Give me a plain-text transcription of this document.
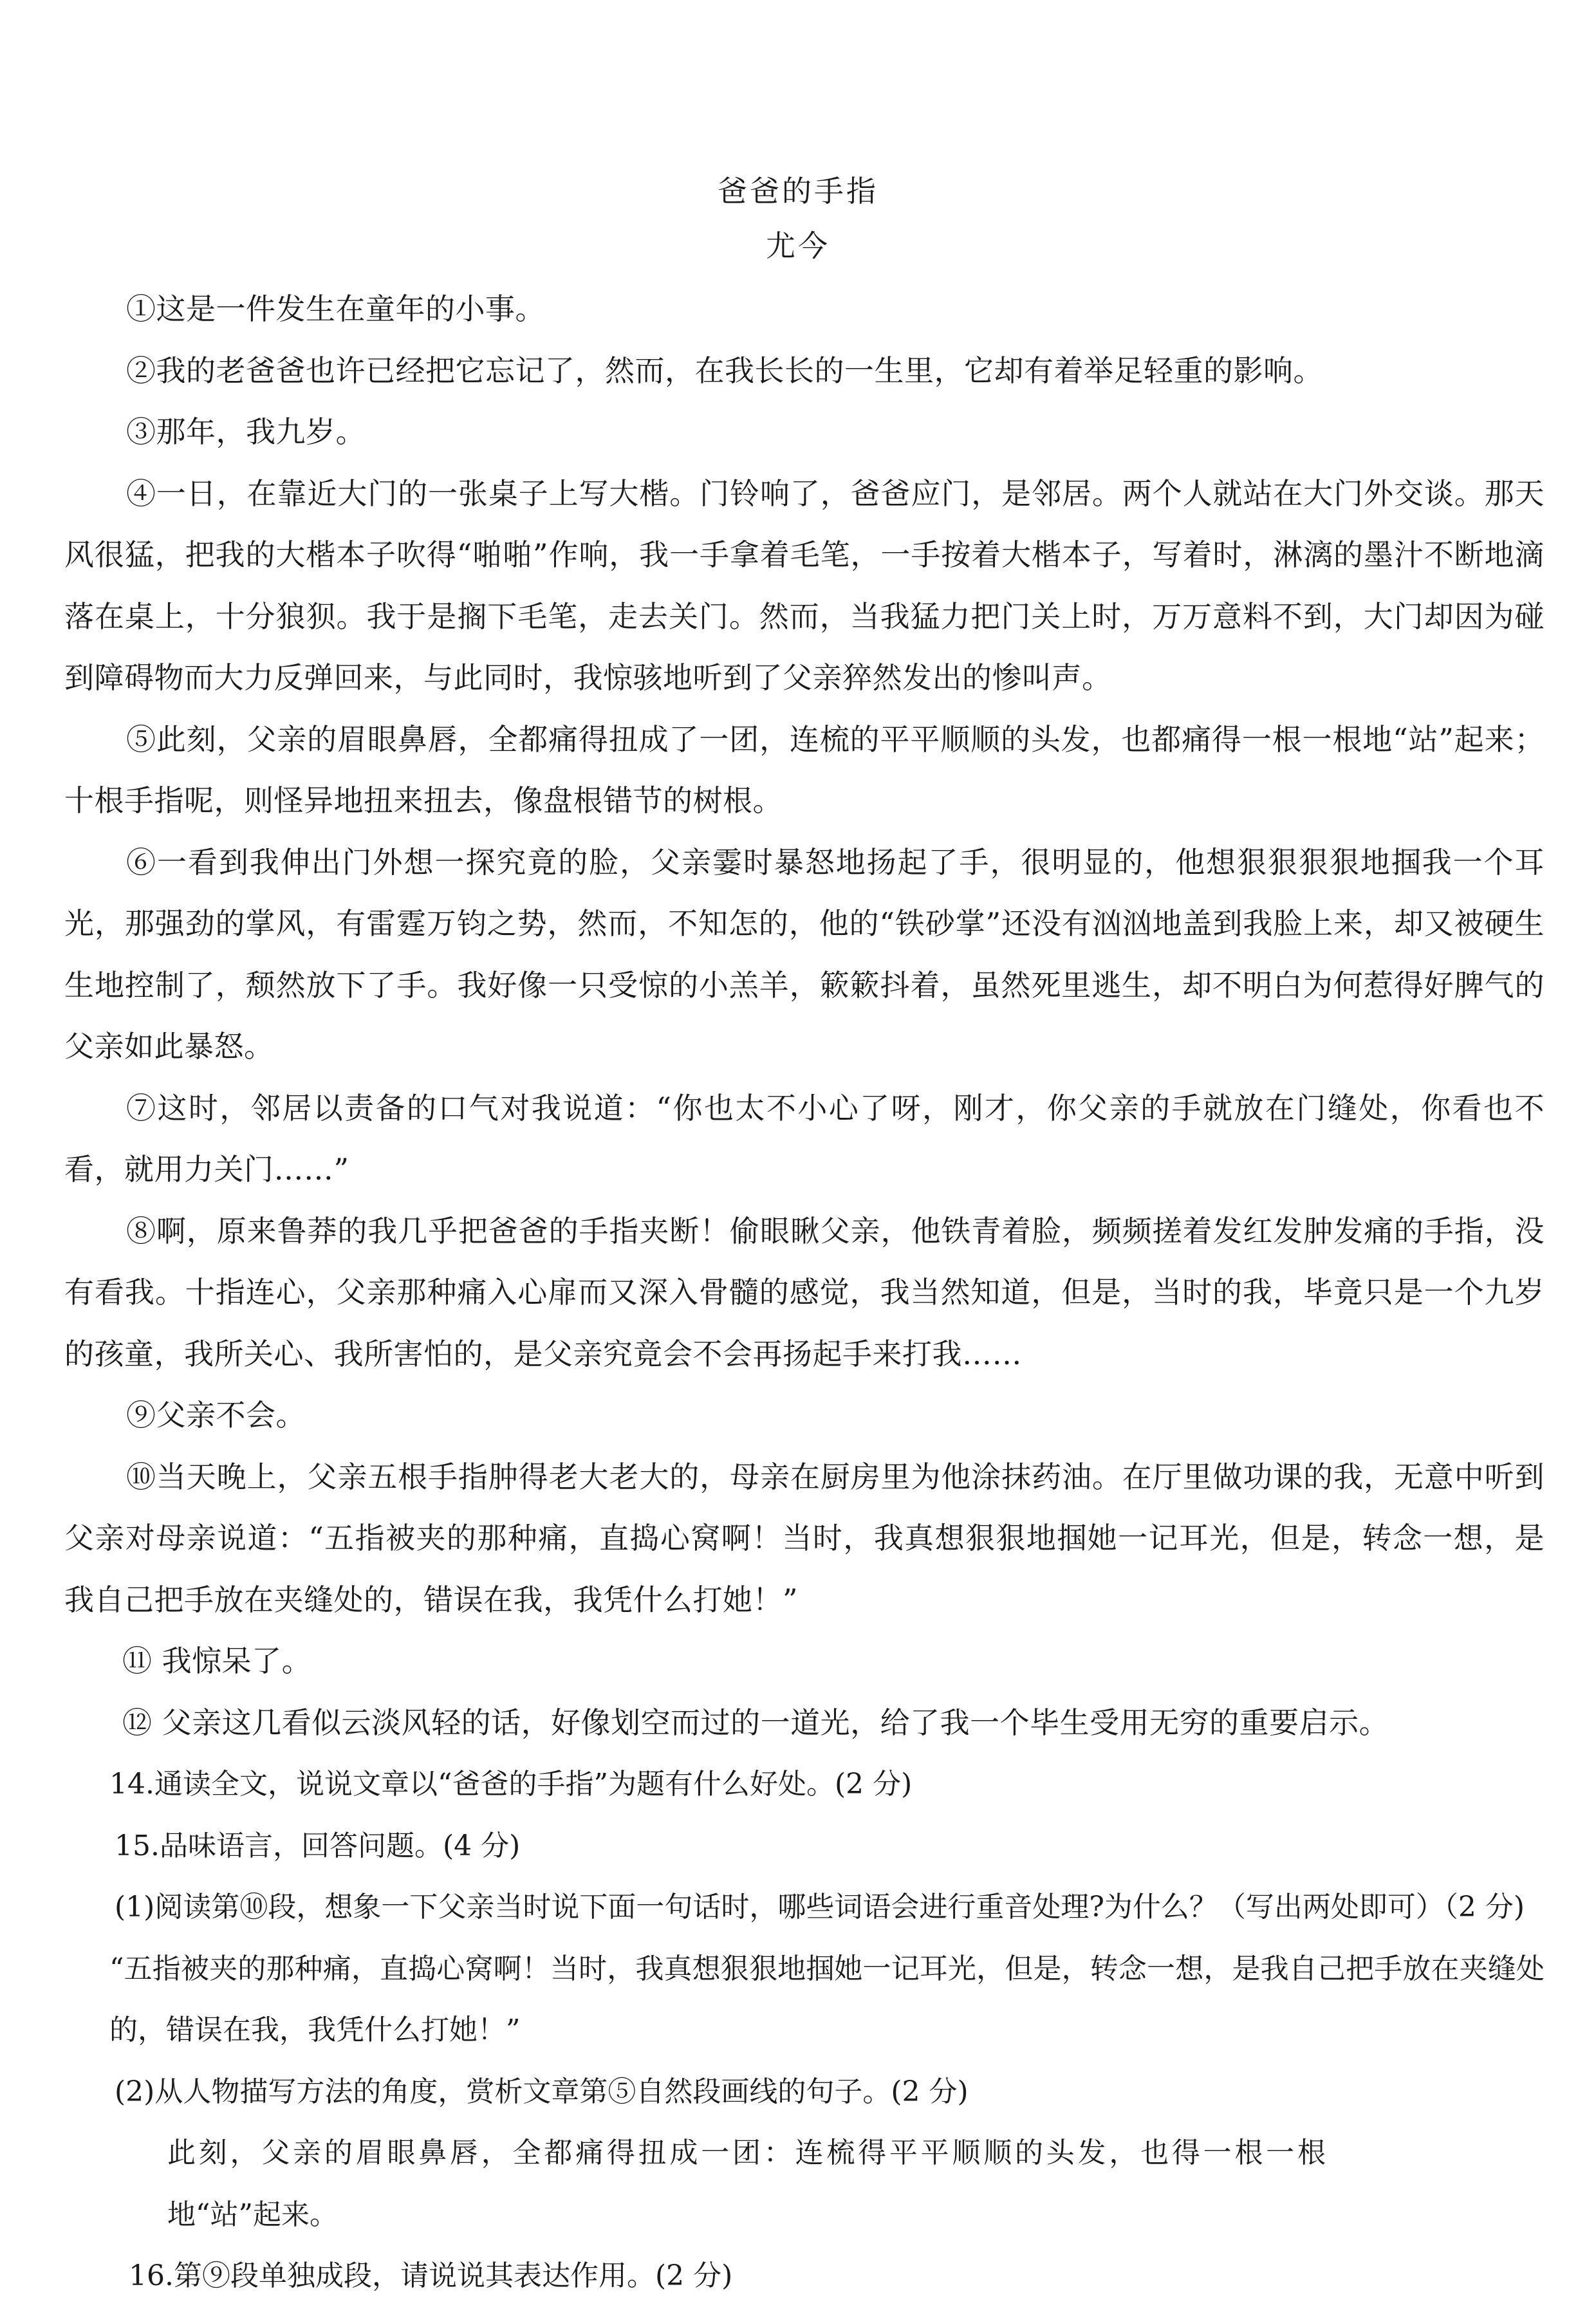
爸爸的手指
尤今

①这是一件发生在童年的小事。

②我的老爸爸也许已经把它忘记了，然而，在我长长的一生里，它却有着举足轻重的影响。

③那年，我九岁。

④一日，在靠近大门的一张桌子上写大楷。门铃响了，爸爸应门，是邻居。两个人就站在大门外交谈。那天风很猛，把我的大楷本子吹得“啪啪”作响，我一手拿着毛笔，一手按着大楷本子，写着时，淋漓的墨汁不断地滴落在桌上，十分狼狈。我于是搁下毛笔，走去关门。然而，当我猛力把门关上时，万万意料不到，大门却因为碰到障碍物而大力反弹回来，与此同时，我惊骇地听到了父亲猝然发出的惨叫声。

⑤此刻，父亲的眉眼鼻唇，全都痛得扭成了一团，连梳的平平顺顺的头发，也都痛得一根一根地“站”起来；十根手指呢，则怪异地扭来扭去，像盘根错节的树根。

⑥一看到我伸出门外想一探究竟的脸，父亲霎时暴怒地扬起了手，很明显的，他想狠狠狠狠地掴我一个耳光，那强劲的掌风，有雷霆万钧之势，然而，不知怎的，他的“铁砂掌”还没有汹汹地盖到我脸上来，却又被硬生生地控制了，颓然放下了手。我好像一只受惊的小羔羊，簌簌抖着，虽然死里逃生，却不明白为何惹得好脾气的父亲如此暴怒。

⑦这时，邻居以责备的口气对我说道：“你也太不小心了呀，刚才，你父亲的手就放在门缝处，你看也不看，就用力关门……”

⑧啊，原来鲁莽的我几乎把爸爸的手指夹断！偷眼瞅父亲，他铁青着脸，频频搓着发红发肿发痛的手指，没有看我。十指连心，父亲那种痛入心扉而又深入骨髓的感觉，我当然知道，但是，当时的我，毕竟只是一个九岁的孩童，我所关心、我所害怕的，是父亲究竟会不会再扬起手来打我……

⑨父亲不会。

⑩当天晚上，父亲五根手指肿得老大老大的，母亲在厨房里为他涂抹药油。在厅里做功课的我，无意中听到父亲对母亲说道：“五指被夹的那种痛，直捣心窝啊！当时，我真想狠狠地掴她一记耳光，但是，转念一想，是我自己把手放在夹缝处的，错误在我，我凭什么打她！”

⑪ 我惊呆了。

⑫ 父亲这几看似云淡风轻的话，好像划空而过的一道光，给了我一个毕生受用无穷的重要启示。

14.通读全文，说说文章以“爸爸的手指”为题有什么好处。(2 分)
15.品味语言，回答问题。(4 分)
(1)阅读第⑩段，想象一下父亲当时说下面一句话时，哪些词语会进行重音处理?为什么？（写出两处即可）（2 分)
“五指被夹的那种痛，直捣心窝啊！当时，我真想狠狠地掴她一记耳光，但是，转念一想，是我自己把手放在夹缝处的，错误在我，我凭什么打她！”
(2)从人物描写方法的角度，赏析文章第⑤自然段画线的句子。(2 分)
此刻，父亲的眉眼鼻唇，全都痛得扭成一团：连梳得平平顺顺的头发，也得一根一根地“站”起来。
16.第⑨段单独成段，请说说其表达作用。(2 分)
